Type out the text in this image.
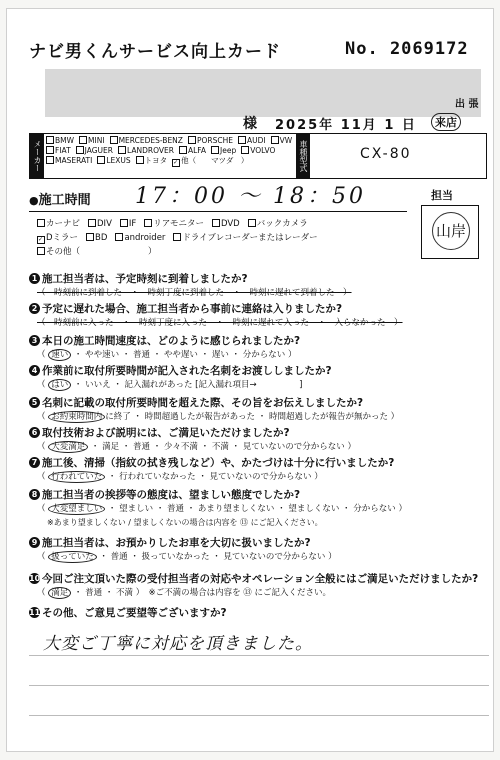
ナビ男くんサービス向上カード	No. 2069172
出 張
様 2025年 11月 1 日	来店
メーカー	BMW MINI MERCEDES-BENZ PORSCHE AUDI VWFIAT JAGUER LANDROVER ALFA Jeep VOLVOMASERATI LEXUS トヨタ ✓ 他（　　マツダ　）	車種型式	CX-80
●施工時間 17：00 ～ 18：50	担当
山岸
カーナビ DIV IF リアモニター DVD バックカメラ
✓ Dミラー BD androider ドライブレコーダーまたはレーダー
その他（　　　　　　　　）
1 施工担当者は、予定時刻に到着しましたか?
（　時刻前に到着した　・　時刻丁度に到着した　・　時刻に遅れて到着した　）
2 予定に遅れた場合、施工担当者から事前に連絡は入りましたか?
（　時刻前に入った　・　時刻丁度に入った　・　時刻に遅れて入った　・　入らなかった　）
3 本日の施工時間速度は、どのように感じられましたか?
（ 速い ・ やや速い ・ 普通 ・ やや遅い ・ 遅い ・ 分からない ）
4 作業前に取付所要時間が記入された名刺をお渡ししましたか?
（ はい ・ いいえ ・ 記入漏れがあった [記入漏れ項目→　　　　　]
5 名刺に記載の取付所要時間を超えた際、その旨をお伝えしましたか?
（ お約束時間内 に終了 ・ 時間超過したが報告があった ・ 時間超過したが報告が無かった ）
6 取付技術および説明には、ご満足いただけましたか?
（ 大変満足 ・ 満足 ・ 普通 ・ 少々不満 ・ 不満 ・ 見ていないので分からない ）
7 施工後、清掃（指紋の拭き残しなど）や、かたづけは十分に行いましたか?
（ 行われていた ・ 行われていなかった ・ 見ていないので分からない ）
8 施工担当者の挨拶等の態度は、望ましい態度でしたか?
（ 大変望ましい ・ 望ましい ・ 普通 ・ あまり望ましくない ・ 望ましくない ・ 分からない ）
※あまり望ましくない / 望ましくないの場合は内容を ⑬ にご記入ください。
9 施工担当者は、お預かりしたお車を大切に扱いましたか?
（ 扱っていた ・ 普通 ・ 扱っていなかった ・ 見ていないので分からない ）
10 今回ご注文頂いた際の受付担当者の対応やオペレーション全般にはご満足いただけましたか?
（ 満足 ・ 普通 ・ 不満 ）　※ご不満の場合は内容を ⑬ にご記入ください。
11 その他、ご意見ご要望等ございますか?
大変ご丁寧に対応を頂きました。
